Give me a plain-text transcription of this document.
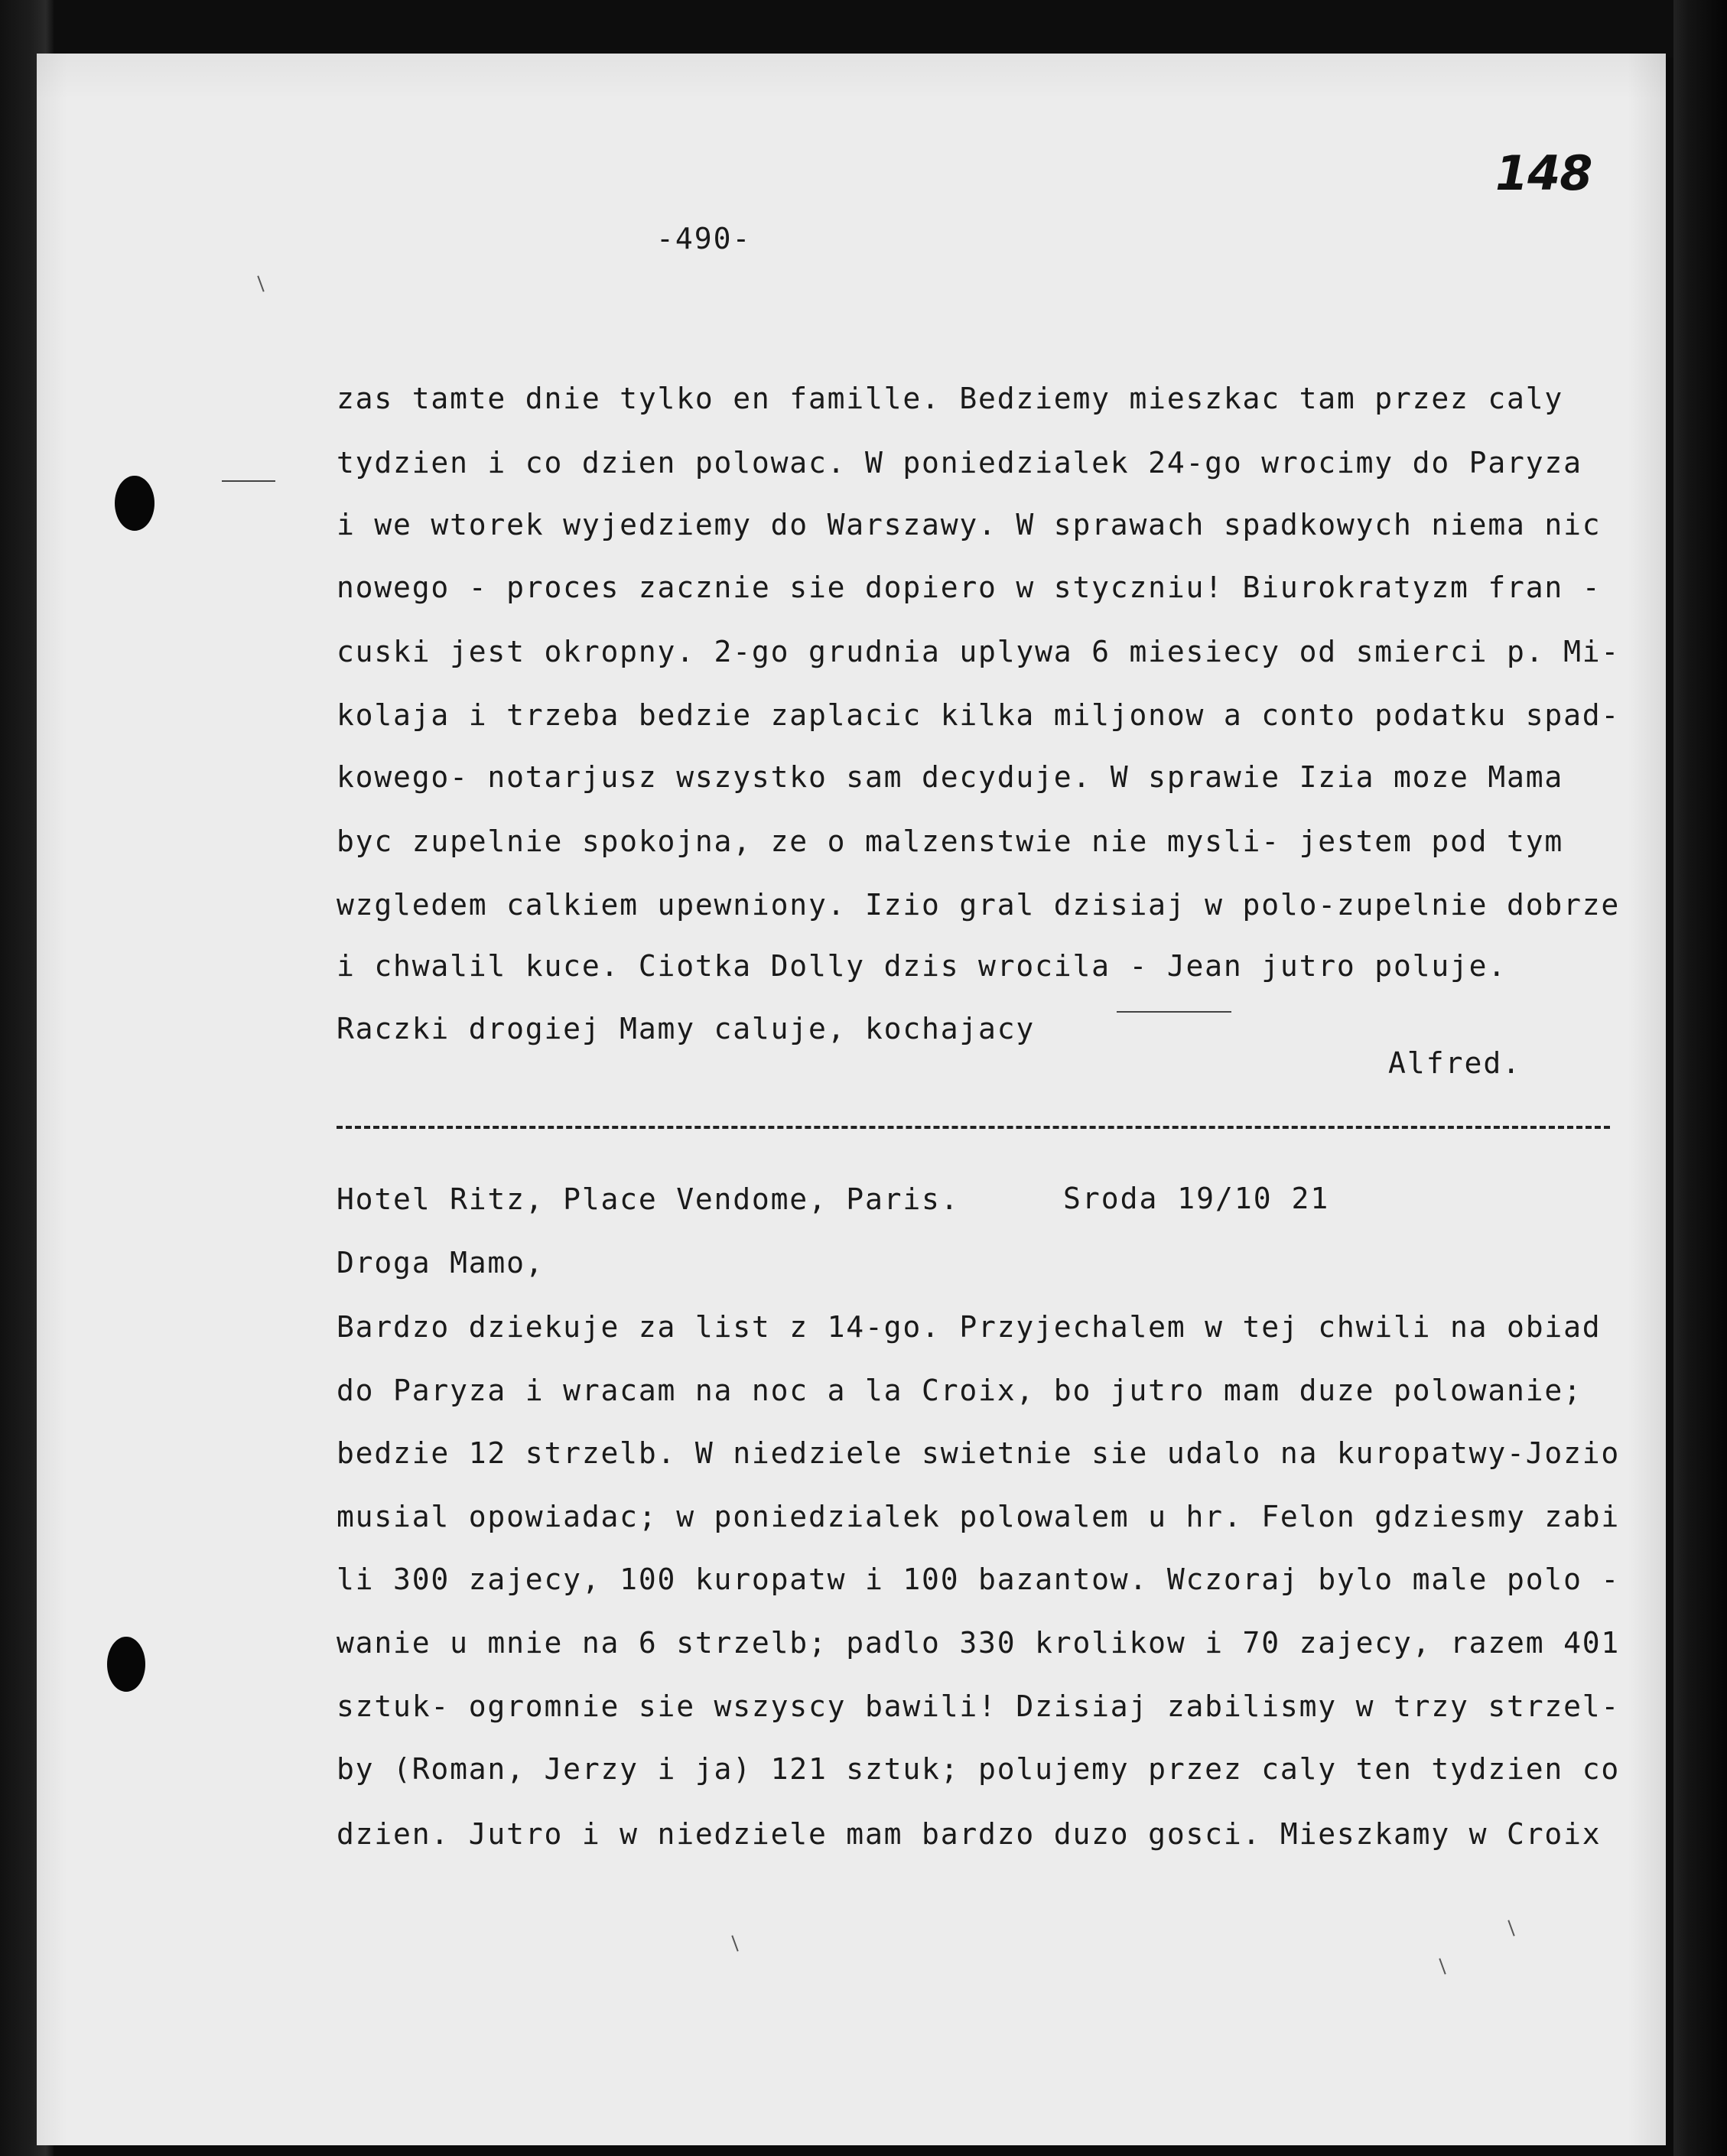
148
-490-
zas tamte dnie tylko en famille. Bedziemy mieszkac tam przez caly
tydzien i co dzien polowac. W poniedzialek 24-go wrocimy do Paryza
i we wtorek wyjedziemy do Warszawy. W sprawach spadkowych niema nic
nowego - proces zacznie sie dopiero w styczniu! Biurokratyzm fran -
cuski jest okropny. 2-go grudnia uplywa 6 miesiecy od smierci p. Mi-
kolaja i trzeba bedzie zaplacic kilka miljonow a conto podatku spad-
kowego- notarjusz wszystko sam decyduje. W sprawie Izia moze Mama
byc zupelnie spokojna, ze o malzenstwie nie mysli- jestem pod tym
wzgledem calkiem upewniony. Izio gral dzisiaj w polo-zupelnie dobrze
i chwalil kuce. Ciotka Dolly dzis wrocila - Jean jutro poluje.
Raczki drogiej Mamy caluje, kochajacy
Alfred.
Hotel Ritz, Place Vendome, Paris.	Sroda 19/10 21
Droga Mamo,
Bardzo dziekuje za list z 14-go. Przyjechalem w tej chwili na obiad
do Paryza i wracam na noc a la Croix, bo jutro mam duze polowanie;
bedzie 12 strzelb. W niedziele swietnie sie udalo na kuropatwy-Jozio
musial opowiadac; w poniedzialek polowalem u hr. Felon gdziesmy zabi
li 300 zajecy, 100 kuropatw i 100 bazantow. Wczoraj bylo male polo -
wanie u mnie na 6 strzelb; padlo 330 krolikow i 70 zajecy, razem 401
sztuk- ogromnie sie wszyscy bawili! Dzisiaj zabilismy w trzy strzel-
by (Roman, Jerzy i ja) 121 sztuk; polujemy przez caly ten tydzien co
dzien. Jutro i w niedziele mam bardzo duzo gosci. Mieszkamy w Croix
